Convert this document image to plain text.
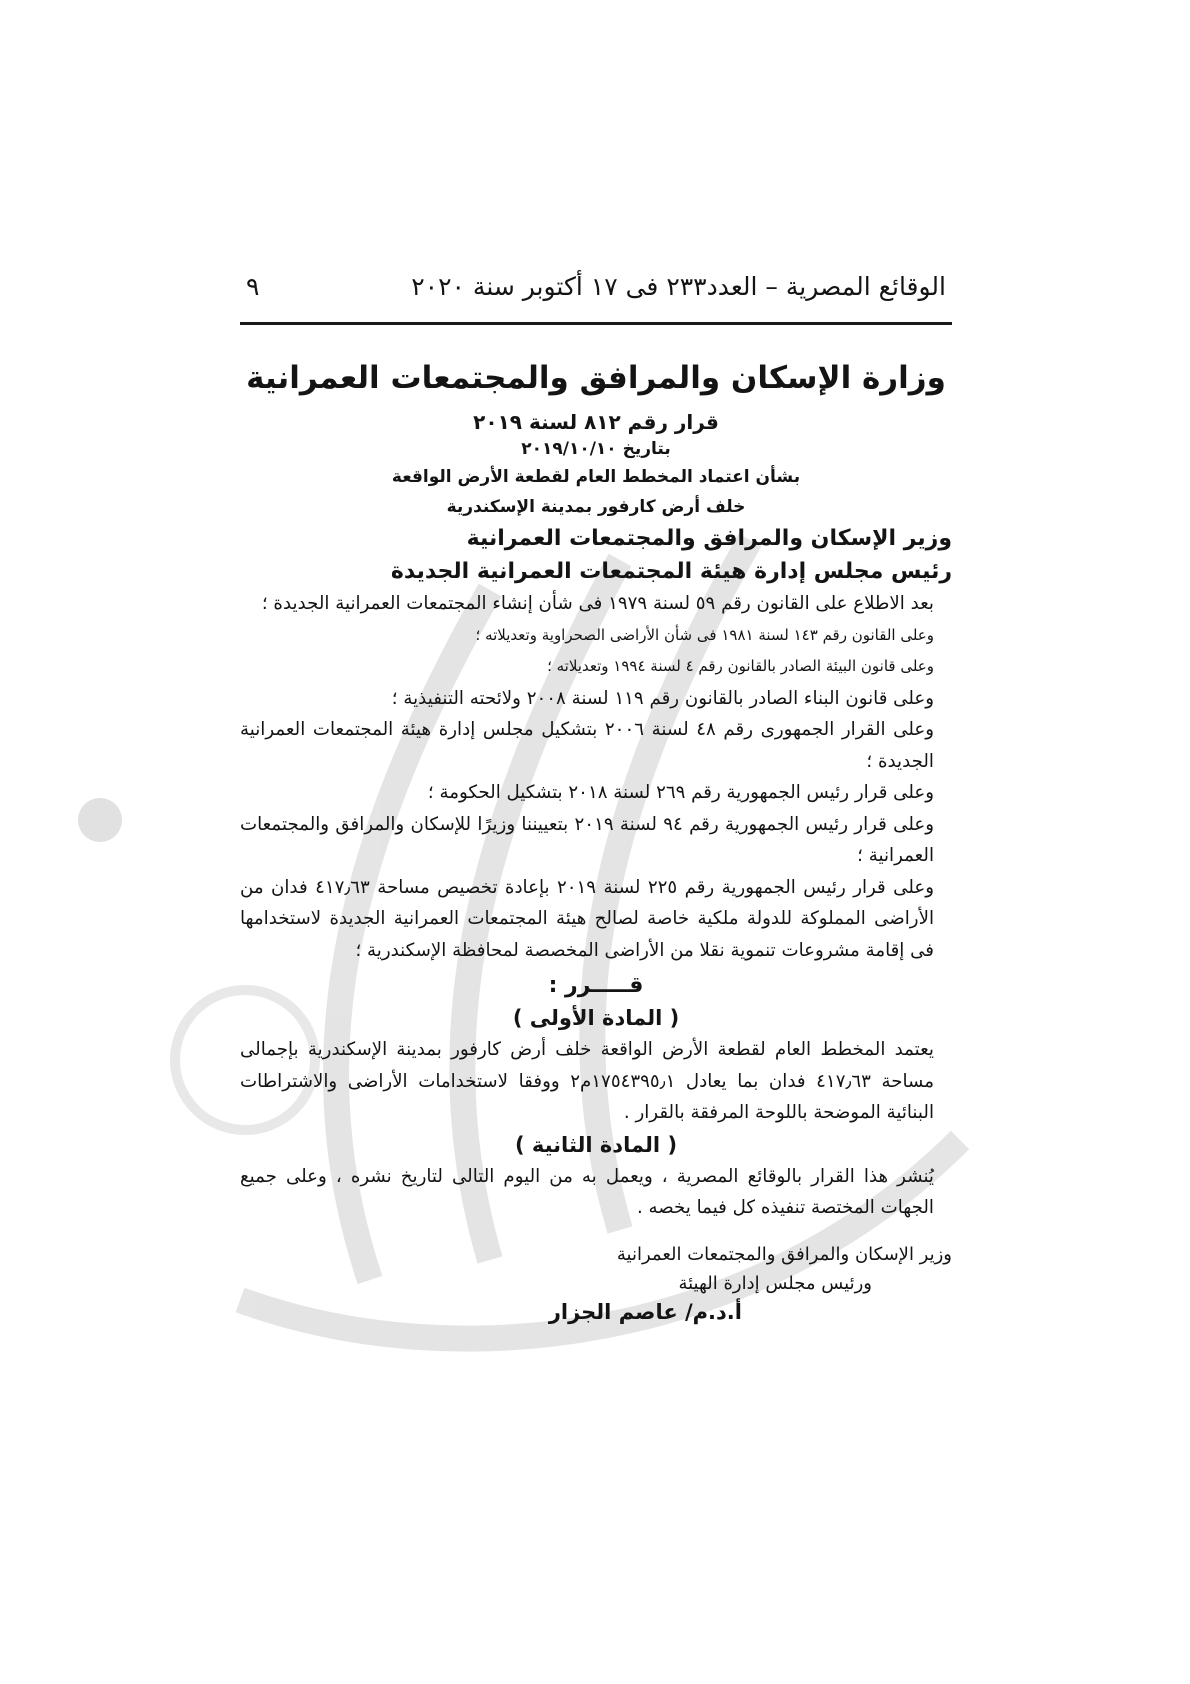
الوقائع المصرية – العدد٢٣٣ فى ١٧ أكتوبر سنة ٢٠٢٠
٩
وزارة الإسكان والمرافق والمجتمعات العمرانية
قرار رقم ٨١٢ لسنة ٢٠١٩
بتاريخ ٢٠١٩/١٠/١٠
بشأن اعتماد المخطط العام لقطعة الأرض الواقعة
خلف أرض كارفور بمدينة الإسكندرية
وزير الإسكان والمرافق والمجتمعات العمرانية
رئيس مجلس إدارة هيئة المجتمعات العمرانية الجديدة

بعد الاطلاع على القانون رقم ٥٩ لسنة ١٩٧٩ فى شأن إنشاء المجتمعات العمرانية الجديدة ؛

وعلى القانون رقم ١٤٣ لسنة ١٩٨١ فى شأن الأراضى الصحراوية وتعديلاته ؛

وعلى قانون البيئة الصادر بالقانون رقم ٤ لسنة ١٩٩٤ وتعديلاته ؛

وعلى قانون البناء الصادر بالقانون رقم ١١٩ لسنة ٢٠٠٨ ولائحته التنفيذية ؛

وعلى القرار الجمهورى رقم ٤٨ لسنة ٢٠٠٦ بتشكيل مجلس إدارة هيئة المجتمعات العمرانية الجديدة ؛

وعلى قرار رئيس الجمهورية رقم ٢٦٩ لسنة ٢٠١٨ بتشكيل الحكومة ؛

وعلى قرار رئيس الجمهورية رقم ٩٤ لسنة ٢٠١٩ بتعييننا وزيرًا للإسكان والمرافق والمجتمعات العمرانية ؛

وعلى قرار رئيس الجمهورية رقم ٢٢٥ لسنة ٢٠١٩ بإعادة تخصيص مساحة ٤١٧٫٦٣ فدان من الأراضى المملوكة للدولة ملكية خاصة لصالح هيئة المجتمعات العمرانية الجديدة لاستخدامها فى إقامة مشروعات تنموية نقلا من الأراضى المخصصة لمحافظة الإسكندرية ؛

قـــــرر :
( المادة الأولى )

يعتمد المخطط العام لقطعة الأرض الواقعة خلف أرض كارفور بمدينة الإسكندرية بإجمالى مساحة ٤١٧٫٦٣ فدان بما يعادل ١٧٥٤٣٩٥٫١م٢ ووفقا لاستخدامات الأراضى والاشتراطات البنائية الموضحة باللوحة المرفقة بالقرار .

( المادة الثانية )

يُنشر هذا القرار بالوقائع المصرية ، ويعمل به من اليوم التالى لتاريخ نشره ، وعلى جميع الجهات المختصة تنفيذه كل فيما يخصه .

وزير الإسكان والمرافق والمجتمعات العمرانية
ورئيس مجلس إدارة الهيئة
أ.د.م/ عاصم الجزار
